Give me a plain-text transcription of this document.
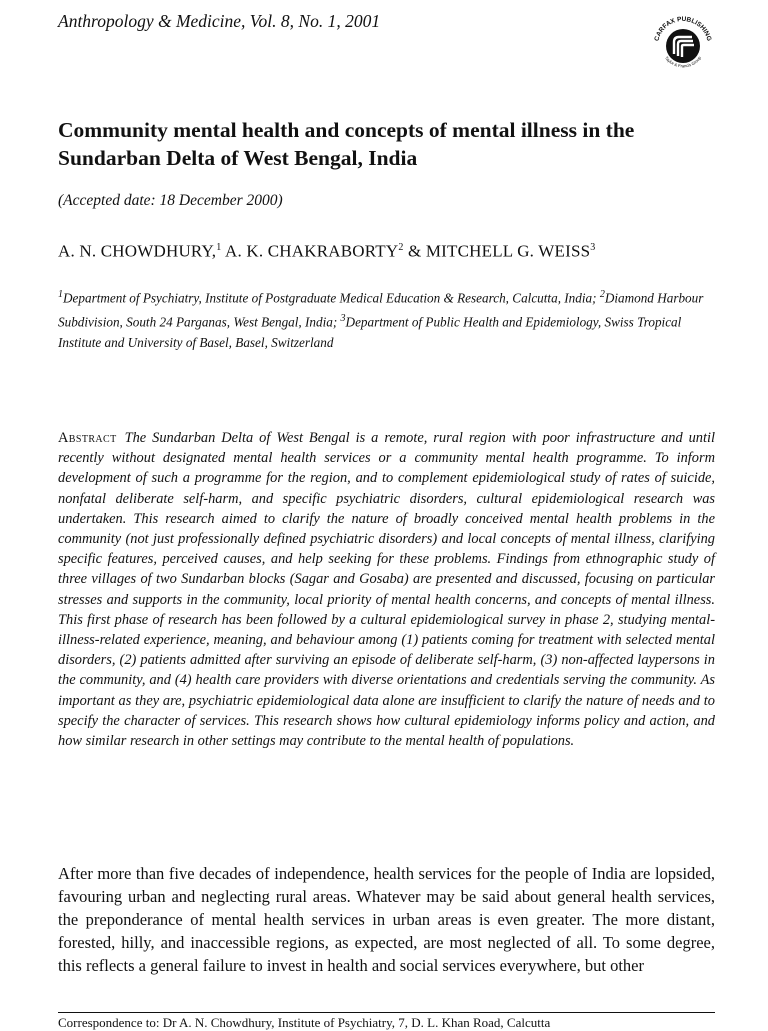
Anthropology & Medicine, Vol. 8, No. 1, 2001
CARFAX PUBLISHING
Taylor & Francis Group
Community mental health and concepts of mental illness in the Sundarban Delta of West Bengal, India
(Accepted date: 18 December 2000)
A. N. CHOWDHURY,$^1$ A. K. CHAKRABORTY$^2$ & MITCHELL G. WEISS$^3$
$^1$Department of Psychiatry, Institute of Postgraduate Medical Education & Research, Calcutta, India; $^2$Diamond Harbour Subdivision, South 24 Parganas, West Bengal, India; $^3$Department of Public Health and Epidemiology, Swiss Tropical Institute and University of Basel, Basel, Switzerland
Abstract The Sundarban Delta of West Bengal is a remote, rural region with poor infrastructure and until recently without designated mental health services or a community mental health programme. To inform development of such a programme for the region, and to complement epidemiological study of rates of suicide, nonfatal deliberate self-harm, and specific psychiatric disorders, cultural epidemiological research was undertaken. This research aimed to clarify the nature of broadly conceived mental health problems in the community (not just professionally defined psychiatric disorders) and local concepts of mental illness, clarifying specific features, perceived causes, and help seeking for these problems. Findings from ethnographic study of three villages of two Sundarban blocks (Sagar and Gosaba) are presented and discussed, focusing on particular stresses and supports in the community, local priority of mental health concerns, and concepts of mental illness. This first phase of research has been followed by a cultural epidemiological survey in phase 2, studying mental-illness-related experience, meaning, and behaviour among (1) patients coming for treatment with selected mental disorders, (2) patients admitted after surviving an episode of deliberate self-harm, (3) non-affected laypersons in the community, and (4) health care providers with diverse orientations and credentials serving the community. As important as they are, psychiatric epidemiological data alone are insufficient to clarify the nature of needs and to specify the character of services. This research shows how cultural epidemiology informs policy and action, and how similar research in other settings may contribute to the mental health of populations.

After more than five decades of independence, health services for the people of India are lopsided, favouring urban and neglecting rural areas. Whatever may be said about general health services, the preponderance of mental health services in urban areas is even greater. The more distant, forested, hilly, and inaccessible regions, as expected, are most neglected of all. To some degree, this reflects a general failure to invest in health and social services everywhere, but other

Correspondence to: Dr A. N. Chowdhury, Institute of Psychiatry, 7, D. L. Khan Road, Calcutta
